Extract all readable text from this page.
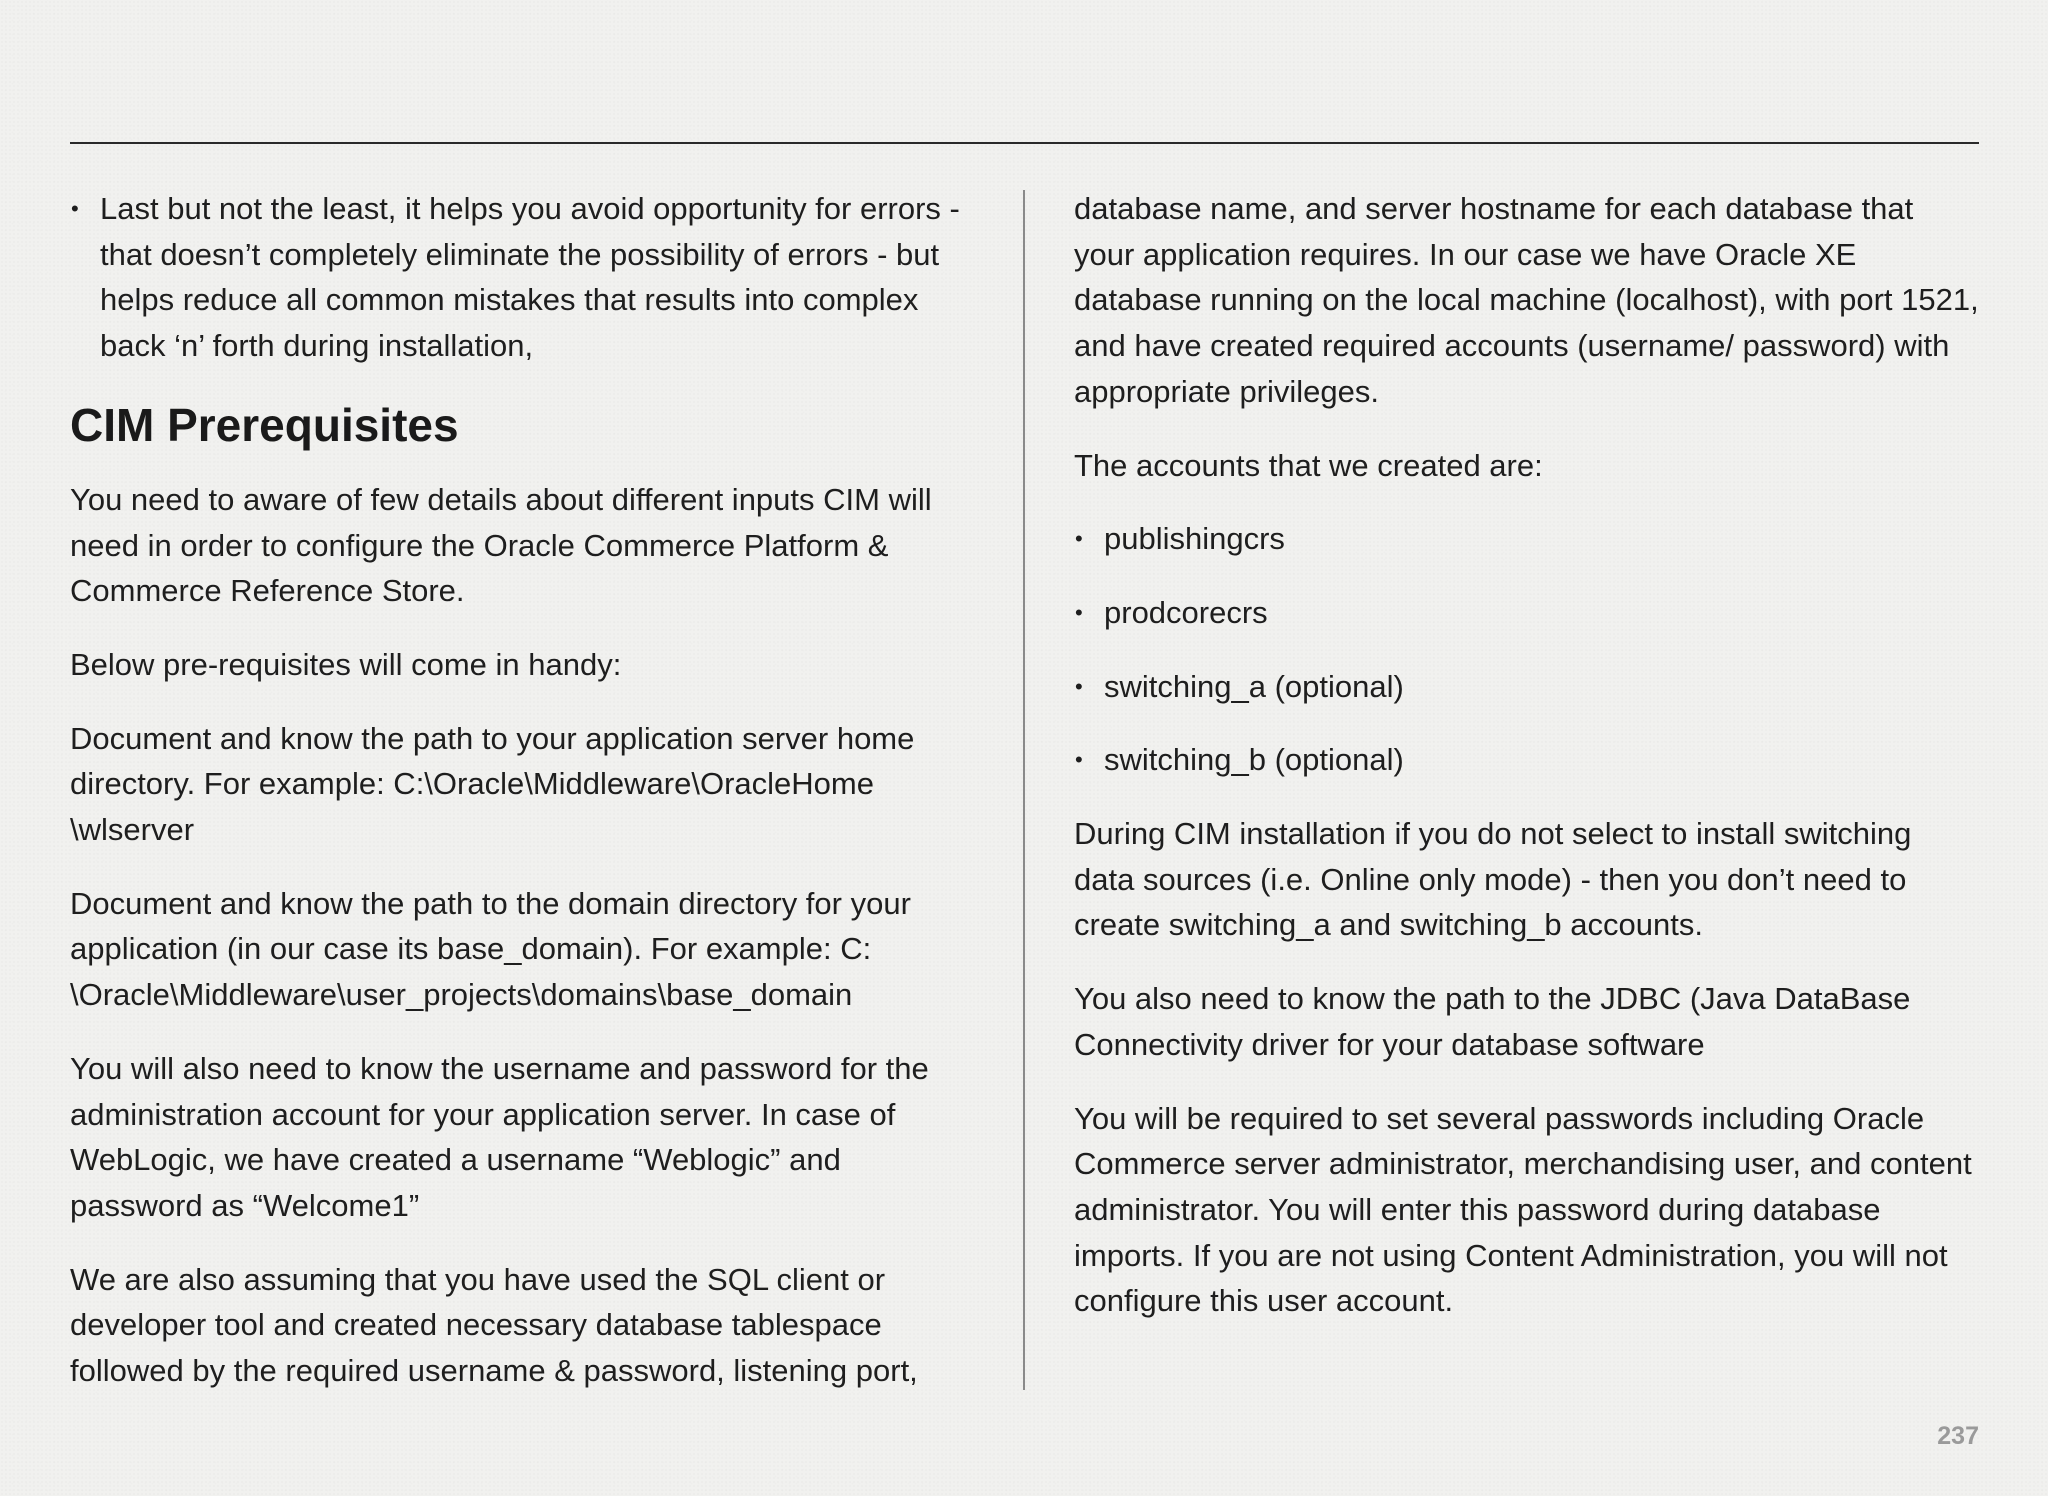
• Last but not the least, it helps you avoid opportunity for errors - that doesn’t completely eliminate the possibility of errors - but helps reduce all common mistakes that results into complex back ‘n’ forth during installation,
CIM Prerequisites

You need to aware of few details about different inputs CIM will need in order to configure the Oracle Commerce Platform & Commerce Reference Store.

Below pre-requisites will come in handy:

Document and know the path to your application server home directory. For example: C:\Oracle\Middleware\OracleHome \wlserver

Document and know the path to the domain directory for your application (in our case its base_domain). For example: C: \Oracle\Middleware\user_projects\domains\base_domain

You will also need to know the username and password for the administration account for your application server. In case of WebLogic, we have created a username “Weblogic” and password as “Welcome1”

We are also assuming that you have used the SQL client or developer tool and created necessary database tablespace followed by the required username & password, listening port,

database name, and server hostname for each database that your application requires. In our case we have Oracle XE database running on the local machine (localhost), with port 1521, and have created required accounts (username/ password) with appropriate privileges.

The accounts that we created are:

• publishingcrs
• prodcorecrs
• switching_a (optional)
• switching_b (optional)

During CIM installation if you do not select to install switching data sources (i.e. Online only mode) - then you don’t need to create switching_a and switching_b accounts.

You also need to know the path to the JDBC (Java DataBase Connectivity driver for your database software

You will be required to set several passwords including Oracle Commerce server administrator, merchandising user, and content administrator. You will enter this password during database imports. If you are not using Content Administration, you will not configure this user account.

237
